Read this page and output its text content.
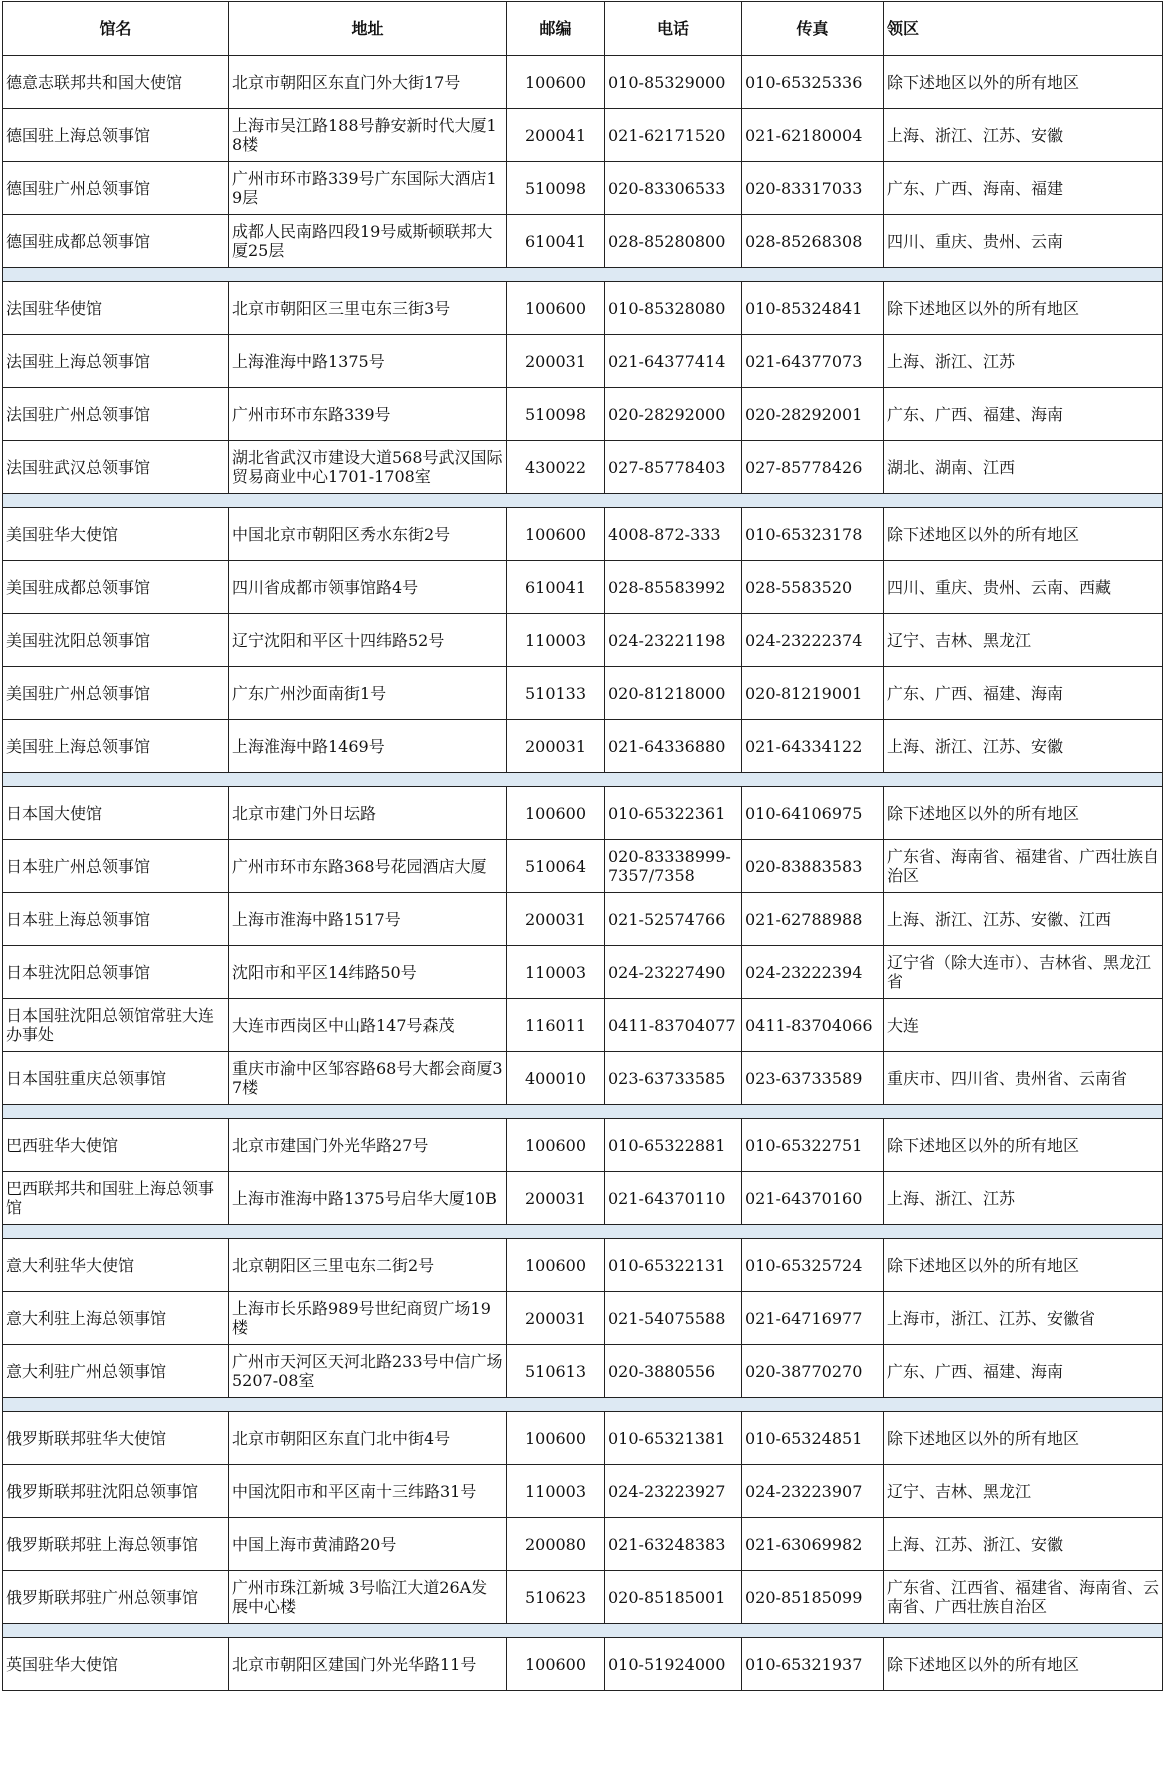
馆名	地址	邮编	电话	传真	领区
德意志联邦共和国大使馆	北京市朝阳区东直门外大街17号	100600	010-85329000	010-65325336	除下述地区以外的所有地区
德国驻上海总领事馆	上海市吴江路188号静安新时代大厦18楼	200041	021-62171520	021-62180004	上海、浙江、江苏、安徽
德国驻广州总领事馆	广州市环市路339号广东国际大酒店19层	510098	020-83306533	020-83317033	广东、广西、海南、福建
德国驻成都总领事馆	成都人民南路四段19号威斯顿联邦大厦25层	610041	028-85280800	028-85268308	四川、重庆、贵州、云南

法国驻华使馆	北京市朝阳区三里屯东三街3号	100600	010-85328080	010-85324841	除下述地区以外的所有地区
法国驻上海总领事馆	上海淮海中路1375号	200031	021-64377414	021-64377073	上海、浙江、江苏
法国驻广州总领事馆	广州市环市东路339号	510098	020-28292000	020-28292001	广东、广西、福建、海南
法国驻武汉总领事馆	湖北省武汉市建设大道568号武汉国际贸易商业中心1701-1708室	430022	027-85778403	027-85778426	湖北、湖南、江西

美国驻华大使馆	中国北京市朝阳区秀水东街2号	100600	4008-872-333	010-65323178	除下述地区以外的所有地区
美国驻成都总领事馆	四川省成都市领事馆路4号	610041	028-85583992	028-5583520	四川、重庆、贵州、云南、西藏
美国驻沈阳总领事馆	辽宁沈阳和平区十四纬路52号	110003	024-23221198	024-23222374	辽宁、吉林、黑龙江
美国驻广州总领事馆	广东广州沙面南街1号	510133	020-81218000	020-81219001	广东、广西、福建、海南
美国驻上海总领事馆	上海淮海中路1469号	200031	021-64336880	021-64334122	上海、浙江、江苏、安徽

日本国大使馆	北京市建门外日坛路	100600	010-65322361	010-64106975	除下述地区以外的所有地区
日本驻广州总领事馆	广州市环市东路368号花园酒店大厦	510064	020-83338999-7357/7358	020-83883583	广东省、海南省、福建省、广西壮族自治区
日本驻上海总领事馆	上海市淮海中路1517号	200031	021-52574766	021-62788988	上海、浙江、江苏、安徽、江西
日本驻沈阳总领事馆	沈阳市和平区14纬路50号	110003	024-23227490	024-23222394	辽宁省（除大连市）、吉林省、黑龙江省
日本国驻沈阳总领馆常驻大连办事处	大连市西岗区中山路147号森茂	116011	0411-83704077	0411-83704066	大连
日本国驻重庆总领事馆	重庆市渝中区邹容路68号大都会商厦37楼	400010	023-63733585	023-63733589	重庆市、四川省、贵州省、云南省

巴西驻华大使馆	北京市建国门外光华路27号	100600	010-65322881	010-65322751	除下述地区以外的所有地区
巴西联邦共和国驻上海总领事馆	上海市淮海中路1375号启华大厦10B	200031	021-64370110	021-64370160	上海、浙江、江苏

意大利驻华大使馆	北京朝阳区三里屯东二街2号	100600	010-65322131	010-65325724	除下述地区以外的所有地区
意大利驻上海总领事馆	上海市长乐路989号世纪商贸广场19楼	200031	021-54075588	021-64716977	上海市，浙江、江苏、安徽省
意大利驻广州总领事馆	广州市天河区天河北路233号中信广场5207-08室	510613	020-3880556	020-38770270	广东、广西、福建、海南

俄罗斯联邦驻华大使馆	北京市朝阳区东直门北中街4号	100600	010-65321381	010-65324851	除下述地区以外的所有地区
俄罗斯联邦驻沈阳总领事馆	中国沈阳市和平区南十三纬路31号	110003	024-23223927	024-23223907	辽宁、吉林、黑龙江
俄罗斯联邦驻上海总领事馆	中国上海市黄浦路20号	200080	021-63248383	021-63069982	上海、江苏、浙江、安徽
俄罗斯联邦驻广州总领事馆	广州市珠江新城 3号临江大道26A发展中心楼	510623	020-85185001	020-85185099	广东省、江西省、福建省、海南省、云南省、广西壮族自治区

英国驻华大使馆	北京市朝阳区建国门外光华路11号	100600	010-51924000	010-65321937	除下述地区以外的所有地区
